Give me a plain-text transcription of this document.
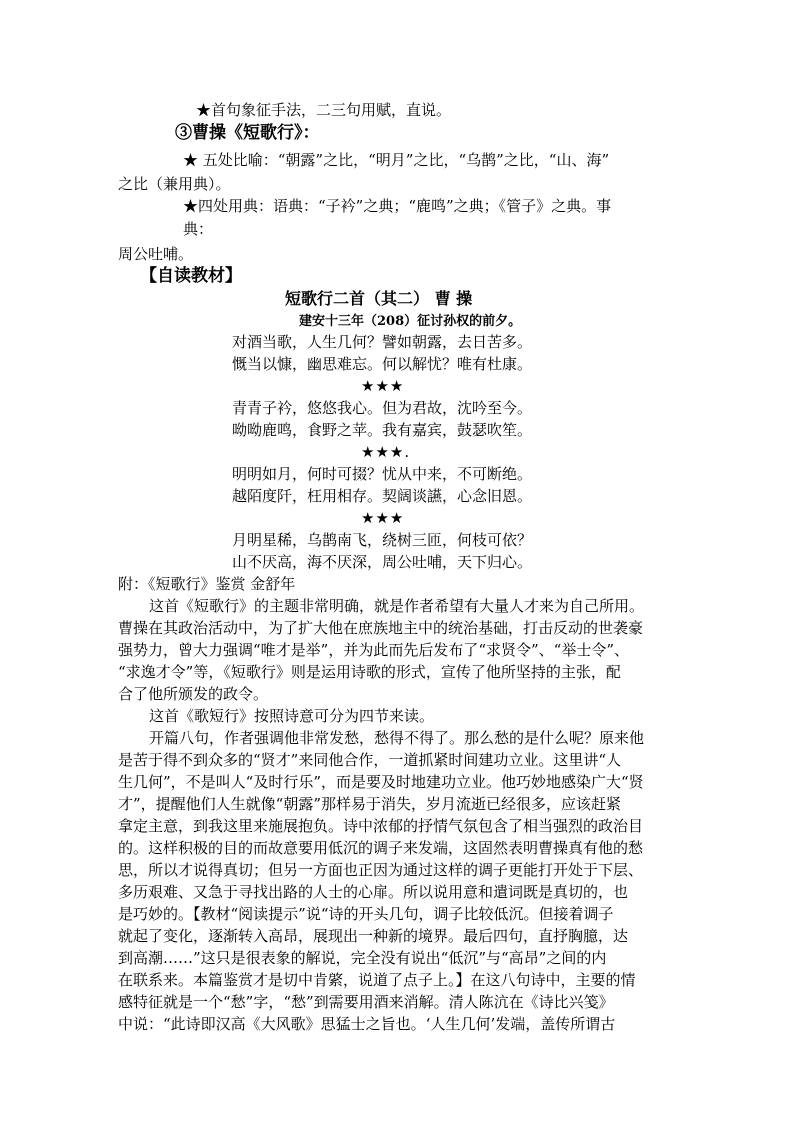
★首句象征手法，二三句用赋，直说。
③曹操《短歌行》：
★ 五处比喻：“朝露”之比，“明月”之比，“乌鹊”之比，“山、海”
之比（兼用典）。
★四处用典：语典：“子衿”之典；“鹿鸣”之典；《管子》之典。事
典：
周公吐哺。
【自读教材】
短歌行二首（其二） 曹 操
建安十三年（208）征讨孙权的前夕。
对酒当歌，人生几何？譬如朝露，去日苦多。
慨当以慷，幽思难忘。何以解忧？唯有杜康。
★★★
青青子衿，悠悠我心。但为君故，沈吟至今。
呦呦鹿鸣，食野之苹。我有嘉宾，鼓瑟吹笙。
★★★.
明明如月，何时可掇？忧从中来，不可断绝。
越陌度阡，枉用相存。契阔谈讌，心念旧恩。
★★★
月明星稀，乌鹊南飞，绕树三匝，何枝可依？
山不厌高，海不厌深，周公吐哺，天下归心。
附：《短歌行》鉴赏 金舒年
这首《短歌行》的主题非常明确，就是作者希望有大量人才来为自己所用。
曹操在其政治活动中，为了扩大他在庶族地主中的统治基础，打击反动的世袭豪
强势力，曾大力强调“唯才是举”，并为此而先后发布了“求贤令”、“举士令”、
“求逸才令”等，《短歌行》则是运用诗歌的形式，宣传了他所坚持的主张，配
合了他所颁发的政令。
这首《歌短行》按照诗意可分为四节来读。
开篇八句，作者强调他非常发愁，愁得不得了。那么愁的是什么呢？原来他
是苦于得不到众多的“贤才”来同他合作，一道抓紧时间建功立业。这里讲“人
生几何”，不是叫人“及时行乐”，而是要及时地建功立业。他巧妙地感染广大“贤
才”，提醒他们人生就像“朝露”那样易于消失，岁月流逝已经很多，应该赶紧
拿定主意，到我这里来施展抱负。诗中浓郁的抒情气氛包含了相当强烈的政治目
的。这样积极的目的而故意要用低沉的调子来发端，这固然表明曹操真有他的愁
思，所以才说得真切；但另一方面也正因为通过这样的调子更能打开处于下层、
多历艰难、又急于寻找出路的人士的心扉。所以说用意和遣词既是真切的，也
是巧妙的。【教材“阅读提示”说“诗的开头几句，调子比较低沉。但接着调子
就起了变化，逐渐转入高昂，展现出一种新的境界。最后四句，直抒胸臆，达
到高潮……”这只是很表象的解说，完全没有说出“低沉”与“高昂”之间的内
在联系来。本篇鉴赏才是切中肯綮，说道了点子上。】在这八句诗中，主要的情
感特征就是一个“愁”字，“愁”到需要用酒来消解。清人陈沆在《诗比兴笺》
中说：“此诗即汉高《大风歌》思猛士之旨也。‘人生几何’发端，盖传所谓古
